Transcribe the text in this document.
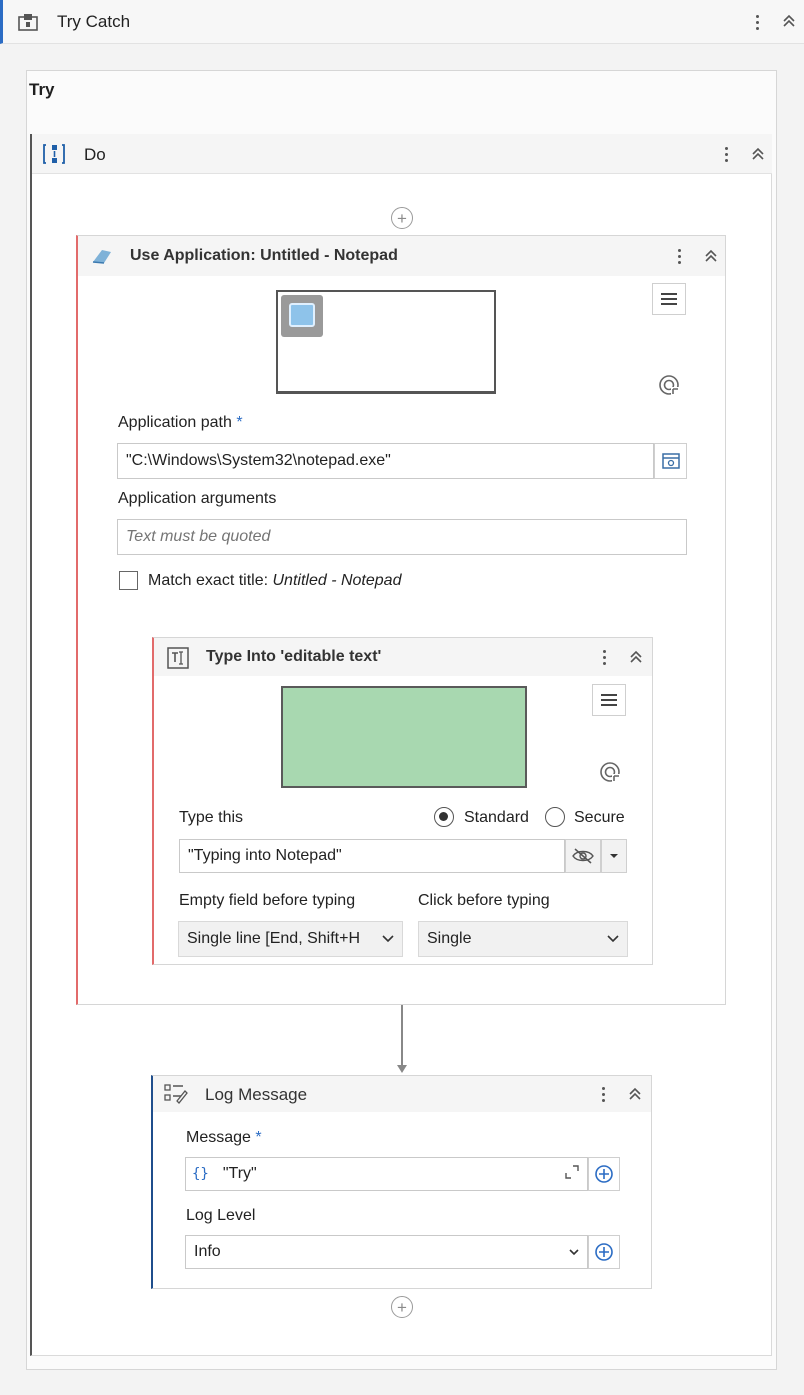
Try Catch
Try
Do
+
Use Application: Untitled - Notepad
Application path *
"C:\Windows\System32\notepad.exe"
Application arguments
Text must be quoted
Match exact title: Untitled - Notepad
Type Into 'editable text'
Type this	Standard	Secure
"Typing into Notepad"
Empty field before typing	Click before typing
Single line [End, Shift+H	Single
Log Message
Message *
{} "Try"
Log Level
Info
+
